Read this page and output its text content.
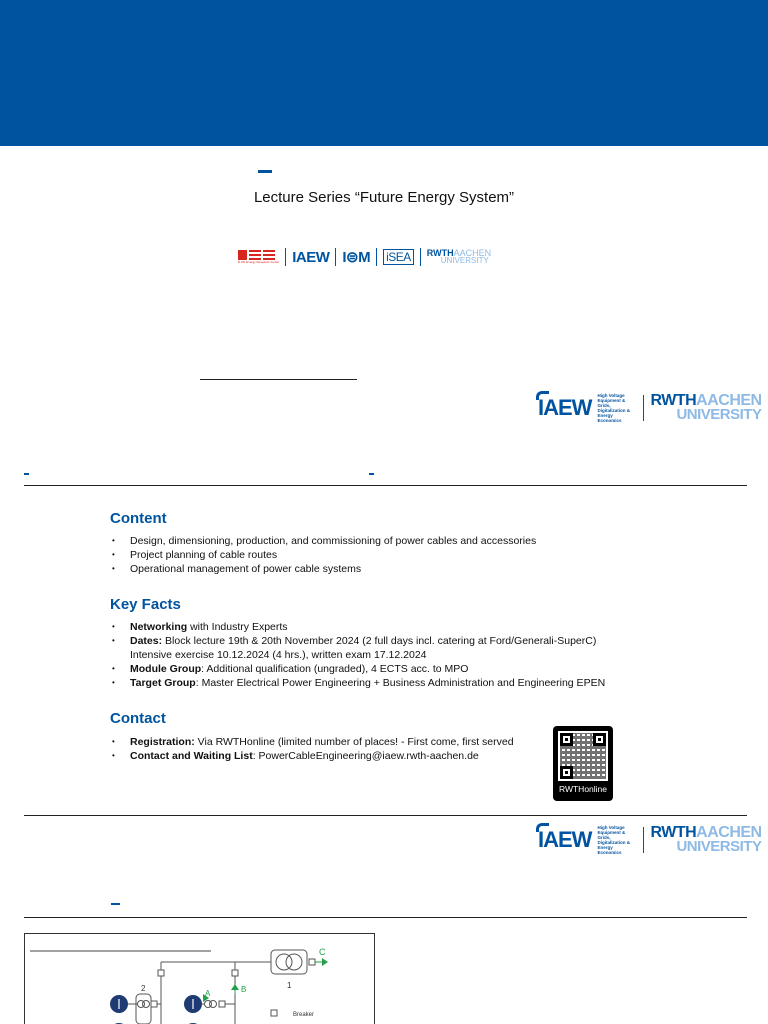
Lecture Series “Future Energy System”
E.ON Energy Research Center IAEW I⊜M iSEA	RWTHAACHEN
UNIVERSITY
IAEW High Voltage Equipment & Grids, Digitalization & Energy Economics
RWTHAACHEN
UNIVERSITY
Content
• Design, dimensioning, production, and commissioning of power cables and accessories
• Project planning of cable routes
• Operational management of power cable systems
Key Facts
• Networking with Industry Experts
• Dates: Block lecture 19th & 20th November 2024 (2 full days incl. catering at Ford/Generali-SuperC)
Intensive exercise 10.12.2024 (4 hrs.), written exam 17.12.2024
• Module Group: Additional qualification (ungraded), 4 ECTS acc. to MPO
• Target Group: Master Electrical Power Engineering + Business Administration and Engineering EPEN
Contact
• Registration: Via RWTHonline (limited number of places! - First come, first served
• Contact and Waiting List: PowerCableEngineering@iaew.rwth-aachen.de
RWTHonline
IAEW High Voltage Equipment & Grids, Digitalization & Energy Economics
RWTHAACHEN
UNIVERSITY
C
1
2
A	B
Breaker
